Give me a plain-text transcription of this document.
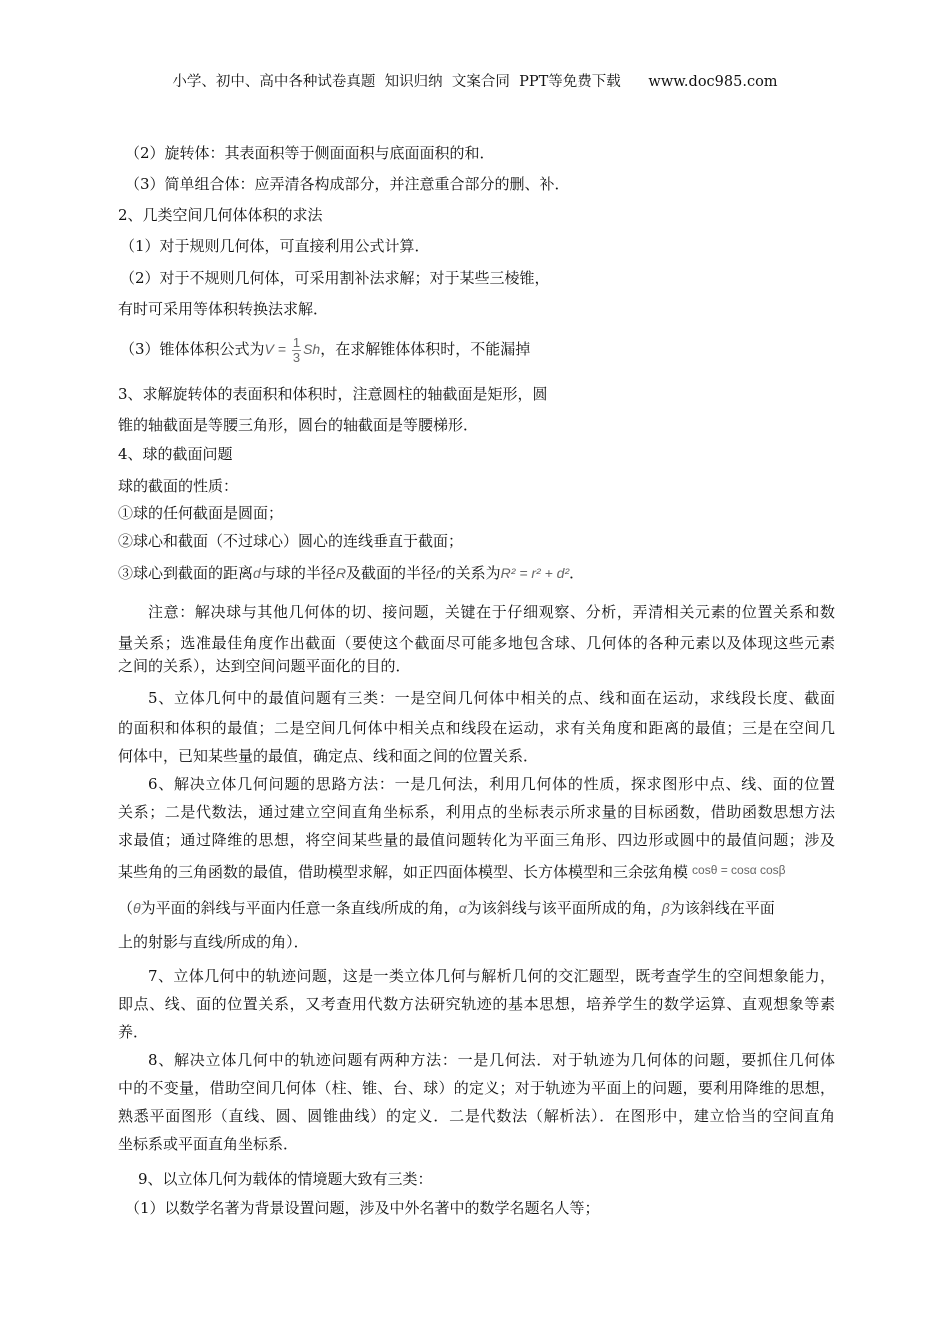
小学、初中、高中各种试卷真题  知识归纳  文案合同  PPT等免费下载      www.doc985.com
（2）旋转体：其表面积等于侧面面积与底面面积的和．
（3）简单组合体：应弄清各构成部分，并注意重合部分的删、补．
2、几类空间几何体体积的求法
（1）对于规则几何体，可直接利用公式计算．
（2）对于不规则几何体，可采用割补法求解；对于某些三棱锥，
有时可采用等体积转换法求解．
（3）锥体体积公式为$V = \frac{1}{3}$ Sh，在求解锥体体积时，不能漏掉
3、求解旋转体的表面积和体积时，注意圆柱的轴截面是矩形，圆
锥的轴截面是等腰三角形，圆台的轴截面是等腰梯形．
4、球的截面问题
球的截面的性质：
①球的任何截面是圆面；
②球心和截面（不过球心）圆心的连线垂直于截面；
③球心到截面的距离d与球的半径R及截面的半径r的关系为R² = r² + d²．
注意：解决球与其他几何体的切、接问题，关键在于仔细观察、分析，弄清相关元素的位置关系和数
量关系；选准最佳角度作出截面（要使这个截面尽可能多地包含球、几何体的各种元素以及体现这些元素
之间的关系），达到空间问题平面化的目的．
5、立体几何中的最值问题有三类：一是空间几何体中相关的点、线和面在运动，求线段长度、截面
的面积和体积的最值；二是空间几何体中相关点和线段在运动，求有关角度和距离的最值；三是在空间几
何体中，已知某些量的最值，确定点、线和面之间的位置关系．
6、解决立体几何问题的思路方法：一是几何法，利用几何体的性质，探求图形中点、线、面的位置
关系；二是代数法，通过建立空间直角坐标系，利用点的坐标表示所求量的目标函数，借助函数思想方法
求最值；通过降维的思想，将空间某些量的最值问题转化为平面三角形、四边形或圆中的最值问题；涉及
某些角的三角函数的最值，借助模型求解，如正四面体模型、长方体模型和三余弦角模 $^{cos\theta = cos\alpha cos\beta}$
（θ为平面的斜线与平面内任意一条直线l所成的角，α为该斜线与该平面所成的角，β为该斜线在平面
上的射影与直线l所成的角）．
7、立体几何中的轨迹问题，这是一类立体几何与解析几何的交汇题型，既考查学生的空间想象能力，
即点、线、面的位置关系，又考查用代数方法研究轨迹的基本思想，培养学生的数学运算、直观想象等素
养．
8、解决立体几何中的轨迹问题有两种方法：一是几何法．对于轨迹为几何体的问题，要抓住几何体
中的不变量，借助空间几何体（柱、锥、台、球）的定义；对于轨迹为平面上的问题，要利用降维的思想，
熟悉平面图形（直线、圆、圆锥曲线）的定义．二是代数法（解析法）．在图形中，建立恰当的空间直角
坐标系或平面直角坐标系．
9、以立体几何为载体的情境题大致有三类：
（1）以数学名著为背景设置问题，涉及中外名著中的数学名题名人等；
